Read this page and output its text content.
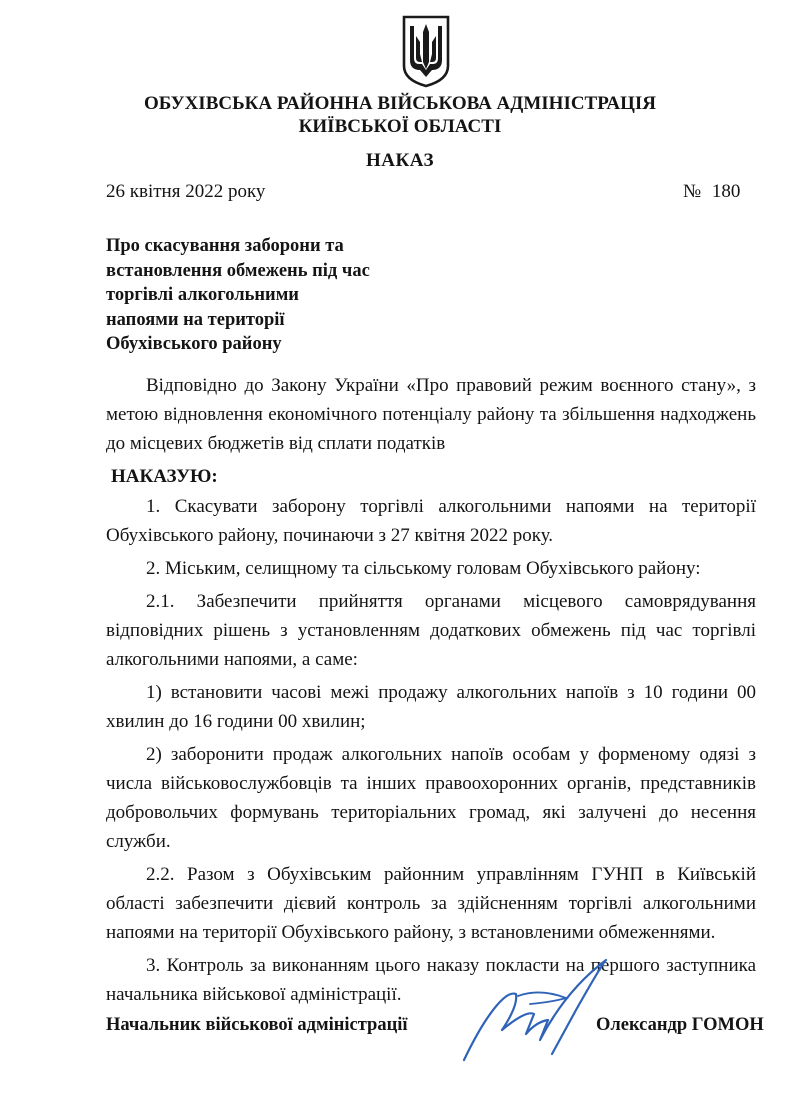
ОБУХІВСЬКА РАЙОННА ВІЙСЬКОВА АДМІНІСТРАЦІЯ
КИЇВСЬКОЇ ОБЛАСТІ
НАКАЗ
26 квітня 2022 року	№ 180
Про скасування заборони та
встановлення обмежень під час
торгівлі алкогольними
напоями на території
Обухівського району

Відповідно до Закону України «Про правовий режим воєнного стану», з метою відновлення економічного потенціалу району та збільшення надходжень до місцевих бюджетів від сплати податків

НАКАЗУЮ:

1. Скасувати заборону торгівлі алкогольними напоями на території Обухівського району, починаючи з 27 квітня 2022 року.

2. Міським, селищному та сільському головам Обухівського району:

2.1. Забезпечити прийняття органами місцевого самоврядування відповідних рішень з установленням додаткових обмежень під час торгівлі алкогольними напоями, а саме:

1) встановити часові межі продажу алкогольних напоїв з 10 години 00 хвилин до 16 години 00 хвилин;

2) заборонити продаж алкогольних напоїв особам у форменому одязі з числа військовослужбовців та інших правоохоронних органів, представників добровольчих формувань територіальних громад, які залучені до несення служби.

2.2. Разом з Обухівським районним управлінням ГУНП в Київській області забезпечити дієвий контроль за здійсненням торгівлі алкогольними напоями на території Обухівського району, з встановленими обмеженнями.

3. Контроль за виконанням цього наказу покласти на першого заступника начальника військової адміністрації.

Начальник військової адміністрації	Олександр ГОМОН
